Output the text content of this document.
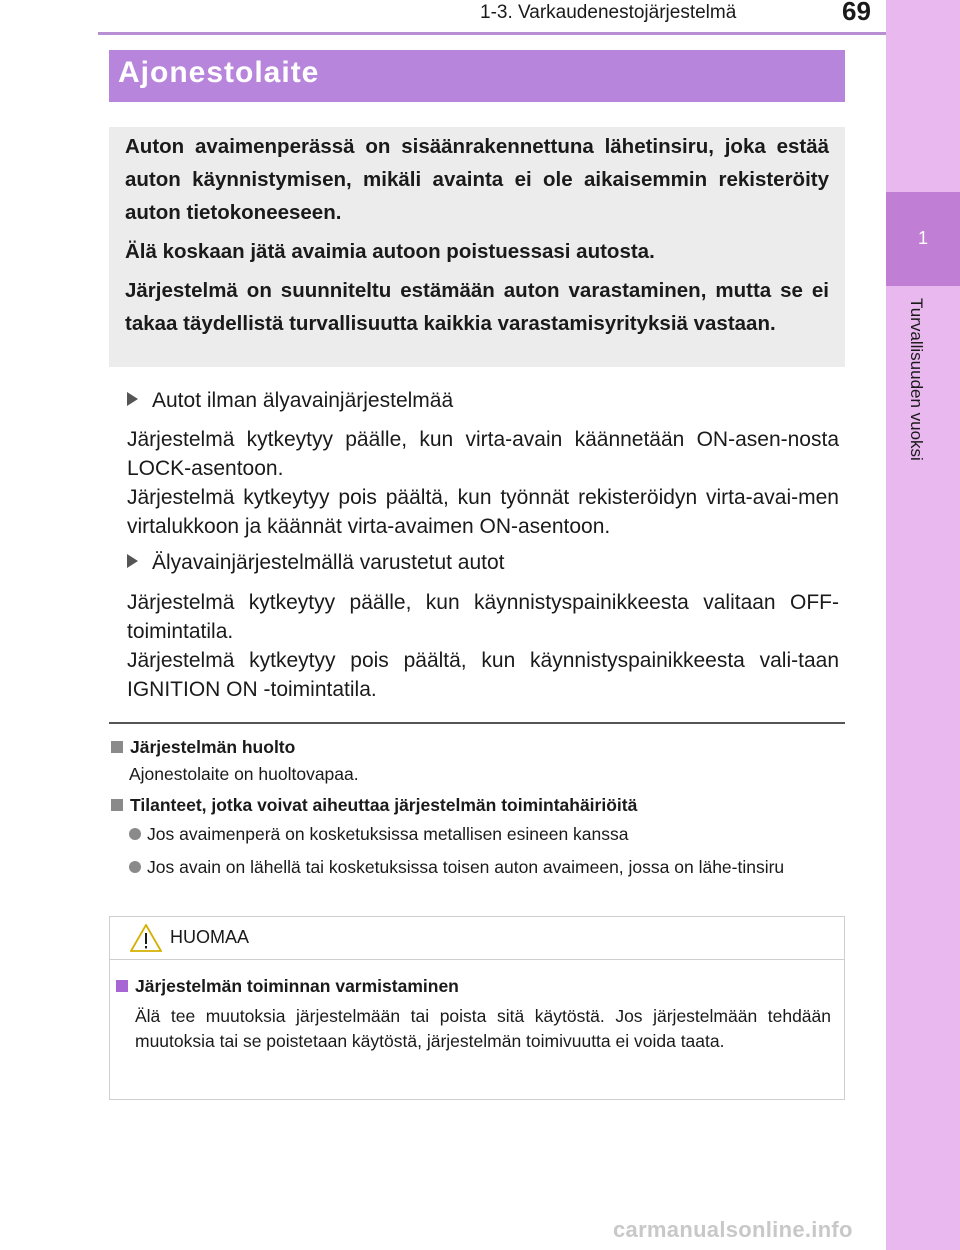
1-3. Varkaudenestojärjestelmä	69
1
Turvallisuuden vuoksi
Ajonestolaite

Auton avaimenperässä on sisäänrakennettuna lähetinsiru, joka estää auton käynnistymisen, mikäli avainta ei ole aikaisemmin rekisteröity auton tietokoneeseen.

Älä koskaan jätä avaimia autoon poistuessasi autosta.

Järjestelmä on suunniteltu estämään auton varastaminen, mutta se ei takaa täydellistä turvallisuutta kaikkia varastamisyrityksiä vastaan.

Autot ilman älyavainjärjestelmää

Järjestelmä kytkeytyy päälle, kun virta-avain käännetään ON-asen-nosta LOCK-asentoon.

Järjestelmä kytkeytyy pois päältä, kun työnnät rekisteröidyn virta-avai-men virtalukkoon ja käännät virta-avaimen ON-asentoon.

Älyavainjärjestelmällä varustetut autot

Järjestelmä kytkeytyy päälle, kun käynnistyspainikkeesta valitaan OFF-toimintatila.

Järjestelmä kytkeytyy pois päältä, kun käynnistyspainikkeesta vali-taan IGNITION ON -toimintatila.

Järjestelmän huolto
Ajonestolaite on huoltovapaa.
Tilanteet, jotka voivat aiheuttaa järjestelmän toimintahäiriöitä
Jos avaimenperä on kosketuksissa metallisen esineen kanssa
Jos avain on lähellä tai kosketuksissa toisen auton avaimeen, jossa on lähe-tinsiru
HUOMAA
Järjestelmän toiminnan varmistaminen

Älä tee muutoksia järjestelmään tai poista sitä käytöstä. Jos järjestelmään tehdään muutoksia tai se poistetaan käytöstä, järjestelmän toimivuutta ei voida taata.

carmanualsonline.info
